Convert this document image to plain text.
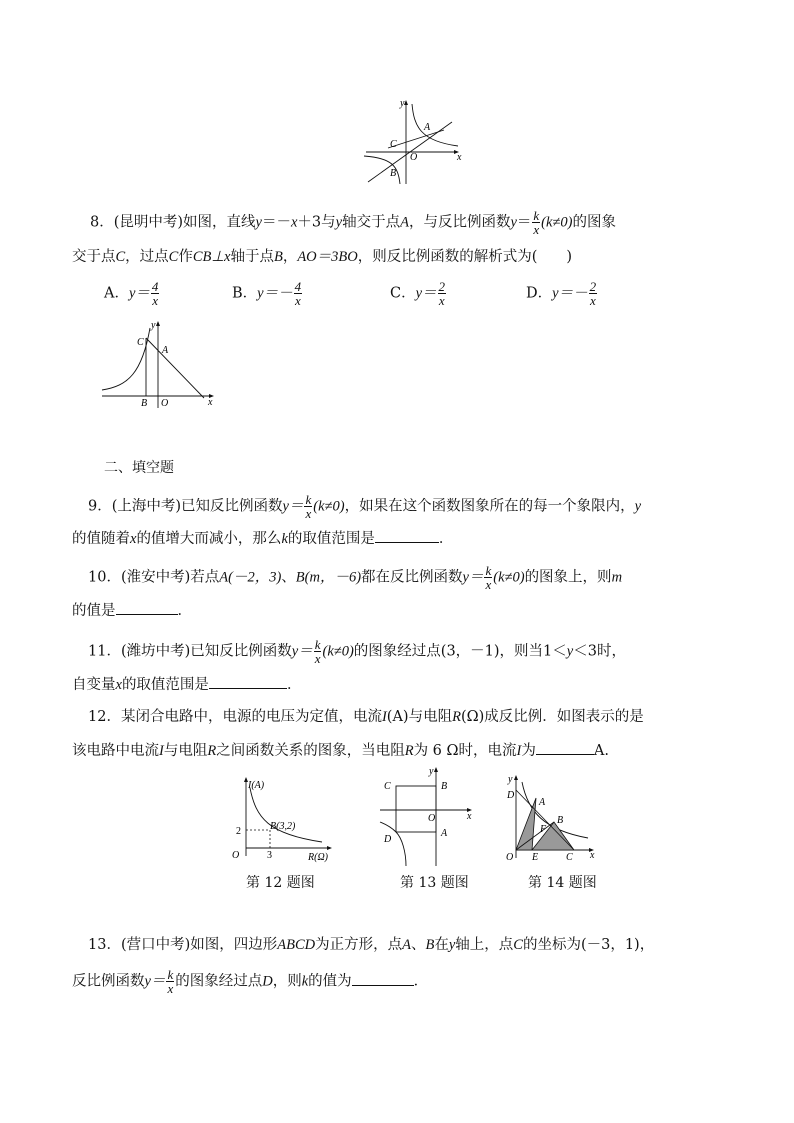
y
x
O
A
B
C
8．(昆明中考)如图，直线y＝－x＋3与y轴交于点A，与反比例函数$y= \frac{k}{x} (k\ne 0)$的图象
交于点C，过点C作CB⊥x轴于点B，AO＝3BO，则反比例函数的解析式为(　　)
A．$y= \frac{4}{x}$	B．$y=- \frac{4}{x}$	C．$y= \frac{2}{x}$	D．$y=- \frac{2}{x}$
y
x
C
A
B O
二、填空题
9．(上海中考)已知反比例函数$y= \frac{k}{x} (k\ne 0)$，如果在这个函数图象所在的每一个象限内，y
的值随着x的值增大而减小，那么k的取值范围是	．
10．(淮安中考)若点A(－2，3)、B(m，－6)都在反比例函数$y= \frac{k}{x} (k\ne 0)$的图象上，则m
的值是	．
11．(潍坊中考)已知反比例函数$y= \frac{k}{x} (k\ne 0)$的图象经过点(3，－1)，则当1＜y＜3时，
自变量x的取值范围是	．
12．某闭合电路中，电源的电压为定值，电流I(A)与电阻R(Ω)成反比例．如图表示的是
该电路中电流I与电阻R之间函数关系的图象，当电阻R为 6 Ω时，电流I为	A.
I(A)
2	B(3,2)
O	3	R(Ω)
C	B
y
O	x
D
A
y
D
A
B
F
O E	C x
第 12 题图	第 13 题图	第 14 题图
13．(营口中考)如图，四边形ABCD为正方形，点A、B在y轴上，点C的坐标为(－3，1)，
反比例函数$y= \frac{k}{x}$ 的图象经过点D，则k的值为	．
